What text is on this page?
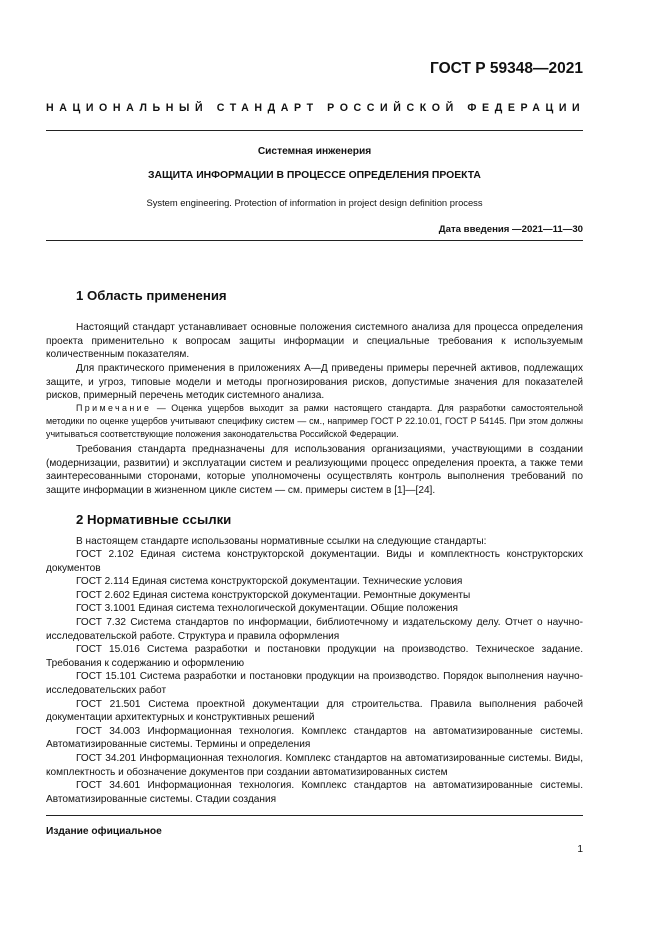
ГОСТ Р 59348—2021
НАЦИОНАЛЬНЫЙ СТАНДАРТ РОССИЙСКОЙ ФЕДЕРАЦИИ
Системная инженерия
ЗАЩИТА ИНФОРМАЦИИ В ПРОЦЕССЕ ОПРЕДЕЛЕНИЯ ПРОЕКТА
System engineering. Protection of information in project design definition process
Дата введения —2021—11—30
1 Область применения
Настоящий стандарт устанавливает основные положения системного анализа для процесса определения проекта применительно к вопросам защиты информации и специальные требования к используемым количественным показателям.
Для практического применения в приложениях А—Д приведены примеры перечней активов, подлежащих защите, и угроз, типовые модели и методы прогнозирования рисков, допустимые значения для показателей рисков, примерный перечень методик системного анализа.
Примечание — Оценка ущербов выходит за рамки настоящего стандарта. Для разработки самостоятельной методики по оценке ущербов учитывают специфику систем — см., например ГОСТ Р 22.10.01, ГОСТ Р 54145. При этом должны учитываться соответствующие положения законодательства Российской Федерации.
Требования стандарта предназначены для использования организациями, участвующими в создании (модернизации, развитии) и эксплуатации систем и реализующими процесс определения проекта, а также теми заинтересованными сторонами, которые уполномочены осуществлять контроль выполнения требований по защите информации в жизненном цикле систем — см. примеры систем в [1]—[24].
2 Нормативные ссылки
В настоящем стандарте использованы нормативные ссылки на следующие стандарты:
ГОСТ 2.102 Единая система конструкторской документации. Виды и комплектность конструкторских документов
ГОСТ 2.114 Единая система конструкторской документации. Технические условия
ГОСТ 2.602 Единая система конструкторской документации. Ремонтные документы
ГОСТ 3.1001 Единая система технологической документации. Общие положения
ГОСТ 7.32 Система стандартов по информации, библиотечному и издательскому делу. Отчет о научно-исследовательской работе. Структура и правила оформления
ГОСТ 15.016 Система разработки и постановки продукции на производство. Техническое задание. Требования к содержанию и оформлению
ГОСТ 15.101 Система разработки и постановки продукции на производство. Порядок выполнения научно-исследовательских работ
ГОСТ 21.501 Система проектной документации для строительства. Правила выполнения рабочей документации архитектурных и конструктивных решений
ГОСТ 34.003 Информационная технология. Комплекс стандартов на автоматизированные системы. Автоматизированные системы. Термины и определения
ГОСТ 34.201 Информационная технология. Комплекс стандартов на автоматизированные системы. Виды, комплектность и обозначение документов при создании автоматизированных систем
ГОСТ 34.601 Информационная технология. Комплекс стандартов на автоматизированные системы. Автоматизированные системы. Стадии создания
Издание официальное
1
